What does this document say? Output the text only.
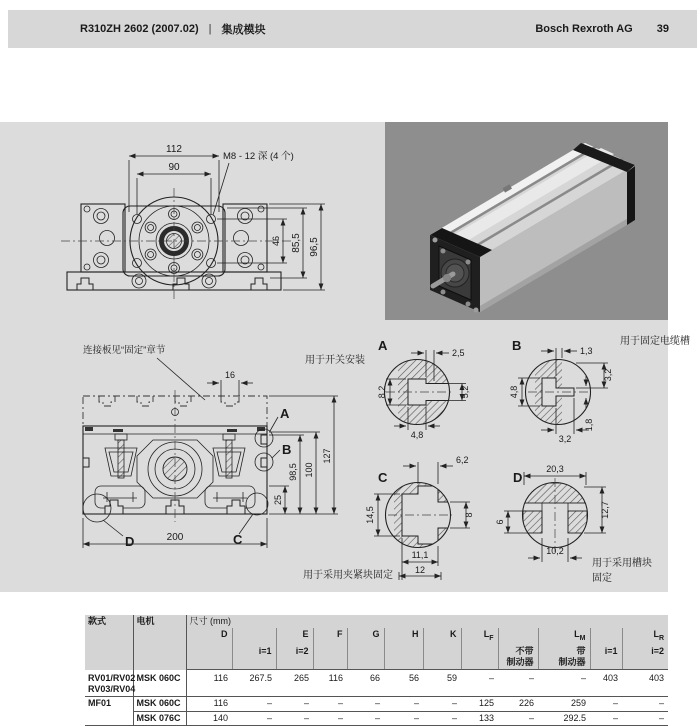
R310ZH 2602 (2007.02) | 集成模块	Bosch Rexroth AG 39
112
90
M8 - 12 深 (4 个)
46 85,5 96,5
连接板见“固定”章节
A
B
C
D
16
25
98,5 100
127
200
A
用于开关安装
2,5
8,2	5,2
4,8
B	用于固定电缆槽
1,3
4,8
3,2
3,2
1,8
C
6,2
14,5	8
11,1
12
用于采用夹紧块固定
D
20,3
6
12,7
10,2
用于采用槽块
固定
款式	电机	尺寸 (mm)											
		D		E	F	G	H	K	$L_F$		$L_M$		$L_R$
			i=1	i=2						不带
制动器	带
制动器	i=1	i=2
RV01/RV02
RV03/RV04	MSK 060C	116	267.5	265	116	66	56	59	–	–	–	403	403
MF01	MSK 060C	116	–	–	–	–	–	–	125	226	259	–	–
	MSK 076C	140	–	–	–	–	–	–	133	–	292.5	–	–
